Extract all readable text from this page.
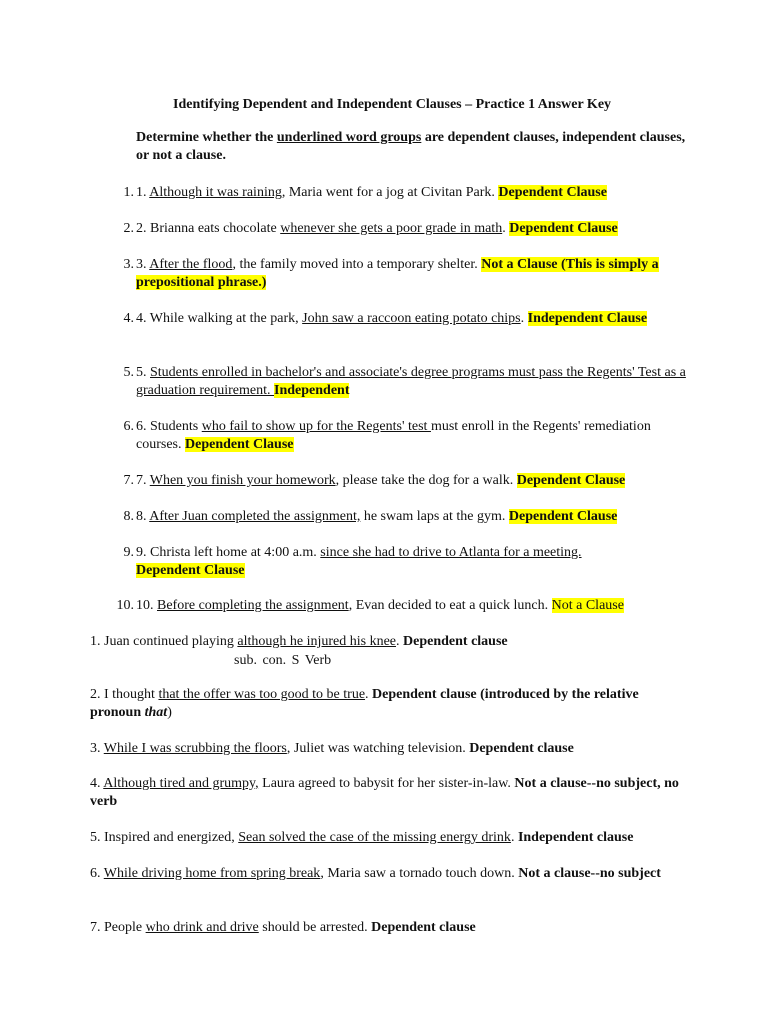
Identifying Dependent and Independent Clauses – Practice 1 Answer Key
Determine whether the underlined word groups are dependent clauses, independent clauses, or not a clause.
1. 1. Although it was raining, Maria went for a jog at Civitan Park. Dependent Clause
2. 2. Brianna eats chocolate whenever she gets a poor grade in math. Dependent Clause
3. 3. After the flood, the family moved into a temporary shelter. Not a Clause (This is simply a prepositional phrase.)
4. 4. While walking at the park, John saw a raccoon eating potato chips. Independent Clause
5. 5. Students enrolled in bachelor's and associate's degree programs must pass the Regents' Test as a graduation requirement. Independent
6. 6. Students who fail to show up for the Regents' test must enroll in the Regents' remediation courses. Dependent Clause
7. 7. When you finish your homework, please take the dog for a walk. Dependent Clause
8. 8. After Juan completed the assignment, he swam laps at the gym. Dependent Clause
9. 9. Christa left home at 4:00 a.m. since she had to drive to Atlanta for a meeting.
Dependent Clause
10. 10. Before completing the assignment, Evan decided to eat a quick lunch. Not a Clause
1. Juan continued playing although he injured his knee. Dependent clause
sub. con. S Verb
2. I thought that the offer was too good to be true. Dependent clause (introduced by the relative pronoun that)
3. While I was scrubbing the floors, Juliet was watching television. Dependent clause
4. Although tired and grumpy, Laura agreed to babysit for her sister-in-law. Not a clause--no subject, no verb
5. Inspired and energized, Sean solved the case of the missing energy drink. Independent clause
6. While driving home from spring break, Maria saw a tornado touch down. Not a clause--no subject
7. People who drink and drive should be arrested. Dependent clause
